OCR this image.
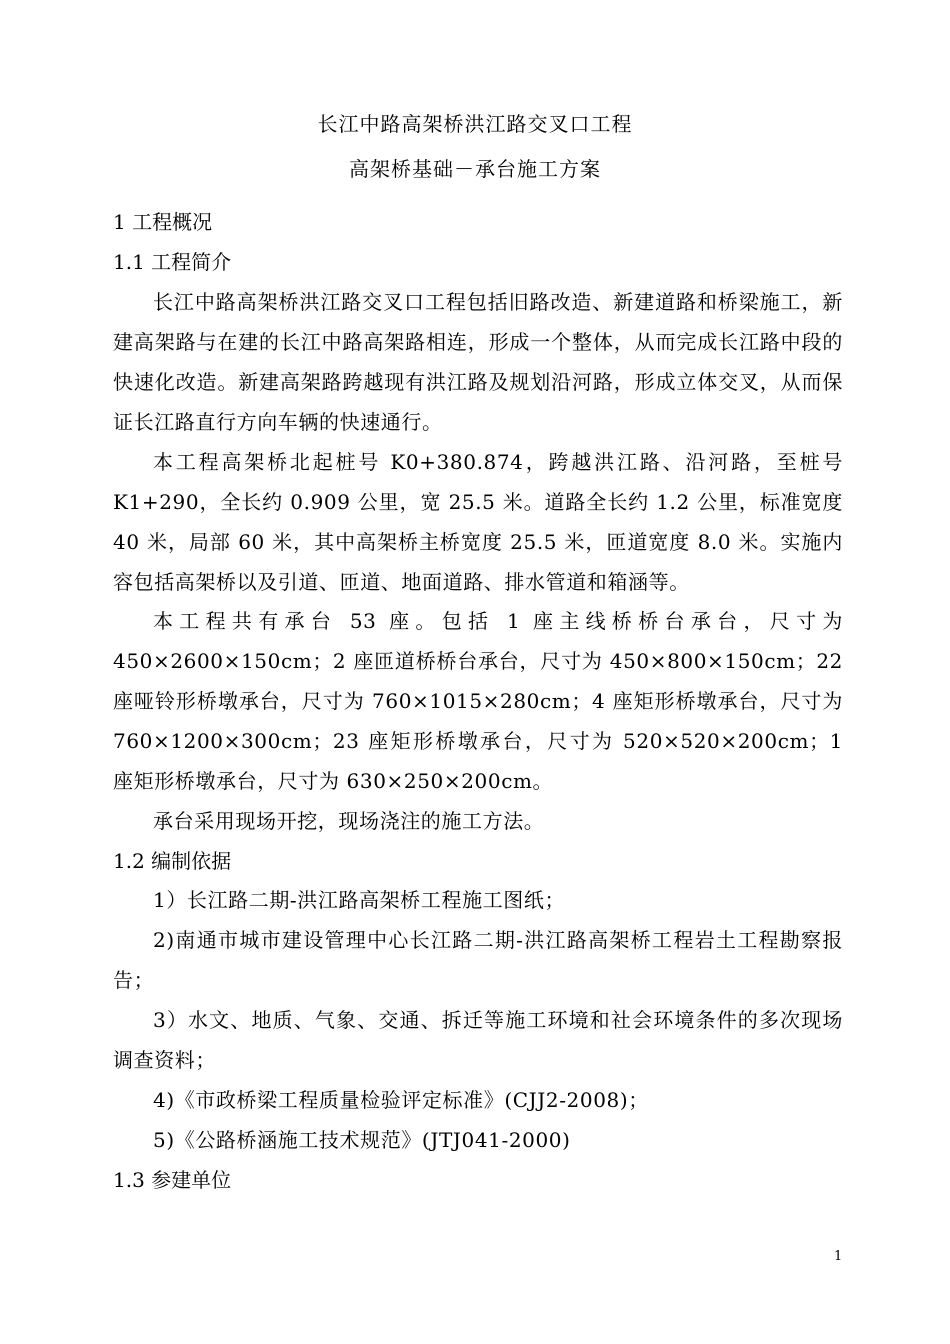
长江中路高架桥洪江路交叉口工程
高架桥基础－承台施工方案
1 工程概况
1.1 工程简介
长江中路高架桥洪江路交叉口工程包括旧路改造、新建道路和桥梁施工，新建高架路与在建的长江中路高架路相连，形成一个整体，从而完成长江路中段的快速化改造。新建高架路跨越现有洪江路及规划沿河路，形成立体交叉，从而保证长江路直行方向车辆的快速通行。
本工程高架桥北起桩号 K0+380.874，跨越洪江路、沿河路，至桩号 K1+290，全长约 0.909 公里，宽 25.5 米。道路全长约 1.2 公里，标准宽度 40 米，局部 60 米，其中高架桥主桥宽度 25.5 米，匝道宽度 8.0 米。实施内容包括高架桥以及引道、匝道、地面道路、排水管道和箱涵等。
本工程共有承台 53 座。包括 1 座主线桥桥台承台，尺寸为 450×2600×150cm；2 座匝道桥桥台承台，尺寸为 450×800×150cm；22 座哑铃形桥墩承台，尺寸为 760×1015×280cm；4 座矩形桥墩承台，尺寸为 760×1200×300cm；23 座矩形桥墩承台，尺寸为 520×520×200cm；1 座矩形桥墩承台，尺寸为 630×250×200cm。
承台采用现场开挖，现场浇注的施工方法。
1.2 编制依据
1）长江路二期-洪江路高架桥工程施工图纸；
2)南通市城市建设管理中心长江路二期-洪江路高架桥工程岩土工程勘察报告；
3）水文、地质、气象、交通、拆迁等施工环境和社会环境条件的多次现场调查资料；
4)《市政桥梁工程质量检验评定标准》(CJJ2-2008)；
5)《公路桥涵施工技术规范》(JTJ041-2000)
1.3 参建单位
1
